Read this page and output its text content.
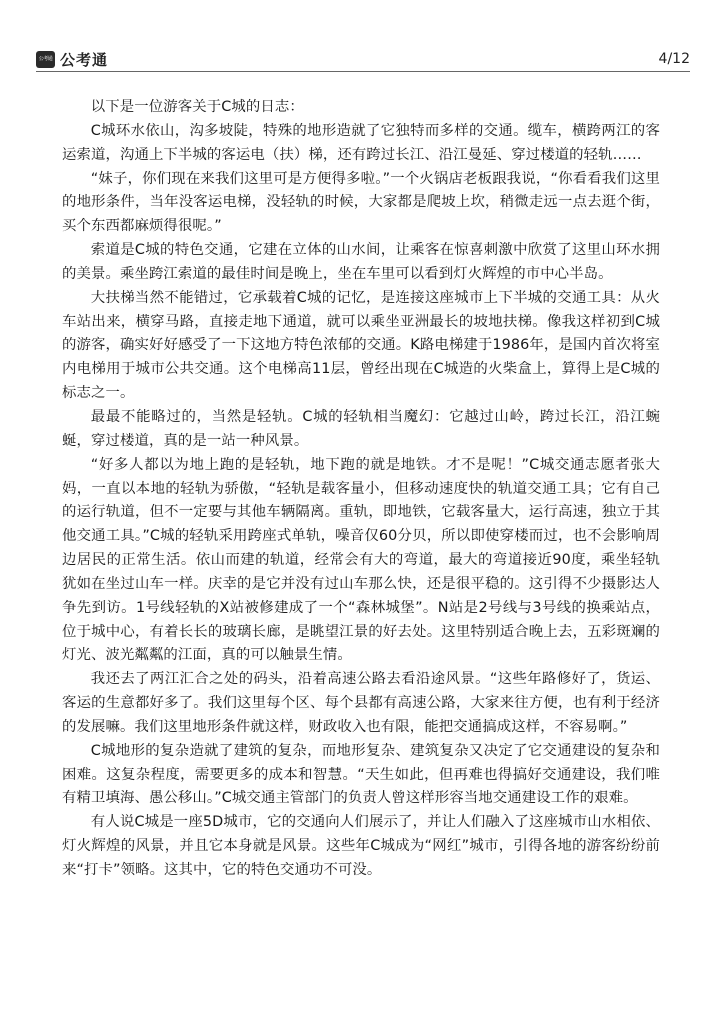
公考通 公考通	4/12

以下是一位游客关于C城的日志：

C城环水依山，沟多坡陡，特殊的地形造就了它独特而多样的交通。缆车，横跨两江的客运索道，沟通上下半城的客运电（扶）梯，还有跨过长江、沿江曼延、穿过楼道的轻轨……

“妹子，你们现在来我们这里可是方便得多啦。”一个火锅店老板跟我说，“你看看我们这里的地形条件，当年没客运电梯，没轻轨的时候，大家都是爬坡上坎，稍微走远一点去逛个街，买个东西都麻烦得很呢。”

索道是C城的特色交通，它建在立体的山水间，让乘客在惊喜刺激中欣赏了这里山环水拥的美景。乘坐跨江索道的最佳时间是晚上，坐在车里可以看到灯火辉煌的市中心半岛。

大扶梯当然不能错过，它承载着C城的记忆，是连接这座城市上下半城的交通工具：从火车站出来，横穿马路，直接走地下通道，就可以乘坐亚洲最长的坡地扶梯。像我这样初到C城的游客，确实好好感受了一下这地方特色浓郁的交通。K路电梯建于1986年，是国内首次将室内电梯用于城市公共交通。这个电梯高11层，曾经出现在C城造的火柴盒上，算得上是C城的标志之一。

最最不能略过的，当然是轻轨。C城的轻轨相当魔幻：它越过山岭，跨过长江，沿江蜿蜒，穿过楼道，真的是一站一种风景。

“好多人都以为地上跑的是轻轨，地下跑的就是地铁。才不是呢！”C城交通志愿者张大妈，一直以本地的轻轨为骄傲，“轻轨是载客量小，但移动速度快的轨道交通工具；它有自己的运行轨道，但不一定要与其他车辆隔离。重轨，即地铁，它载客量大，运行高速，独立于其他交通工具。”C城的轻轨采用跨座式单轨，噪音仅60分贝，所以即使穿楼而过，也不会影响周边居民的正常生活。依山而建的轨道，经常会有大的弯道，最大的弯道接近90度，乘坐轻轨犹如在坐过山车一样。庆幸的是它并没有过山车那么快，还是很平稳的。这引得不少摄影达人争先到访。1号线轻轨的X站被修建成了一个“森林城堡”。N站是2号线与3号线的换乘站点，位于城中心，有着长长的玻璃长廊，是眺望江景的好去处。这里特别适合晚上去，五彩斑斓的灯光、波光粼粼的江面，真的可以触景生情。

我还去了两江汇合之处的码头，沿着高速公路去看沿途风景。“这些年路修好了，货运、客运的生意都好多了。我们这里每个区、每个县都有高速公路，大家来往方便，也有利于经济的发展嘛。我们这里地形条件就这样，财政收入也有限，能把交通搞成这样，不容易啊。”

C城地形的复杂造就了建筑的复杂，而地形复杂、建筑复杂又决定了它交通建设的复杂和困难。这复杂程度，需要更多的成本和智慧。“天生如此，但再难也得搞好交通建设，我们唯有精卫填海、愚公移山。”C城交通主管部门的负责人曾这样形容当地交通建设工作的艰难。

有人说C城是一座5D城市，它的交通向人们展示了，并让人们融入了这座城市山水相依、灯火辉煌的风景，并且它本身就是风景。这些年C城成为“网红”城市，引得各地的游客纷纷前来“打卡”领略。这其中，它的特色交通功不可没。
